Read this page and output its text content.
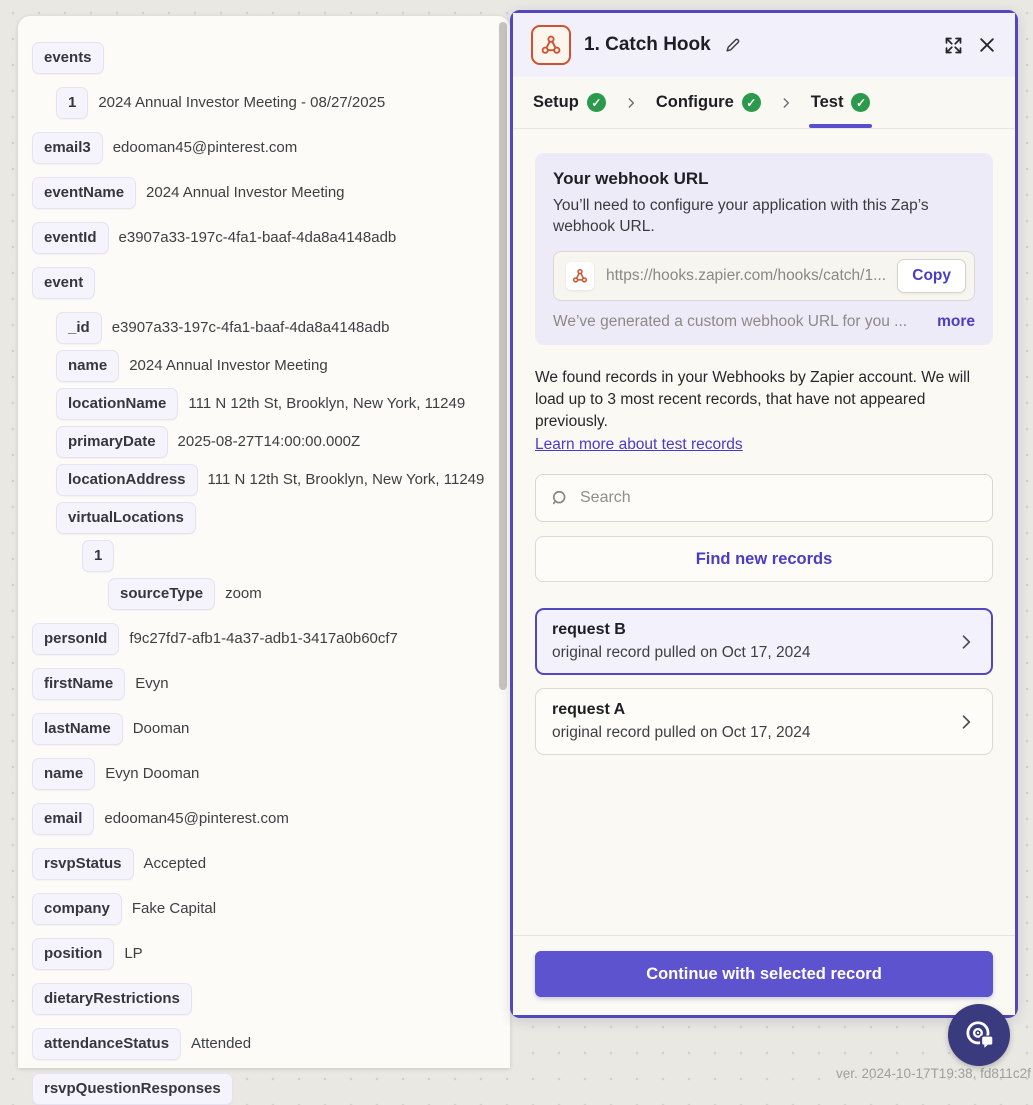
events
1	2024 Annual Investor Meeting - 08/27/2025
email3	edooman45@pinterest.com
eventName	2024 Annual Investor Meeting
eventId	e3907a33-197c-4fa1-baaf-4da8a4148adb
event
_id	e3907a33-197c-4fa1-baaf-4da8a4148adb
name	2024 Annual Investor Meeting
locationName	111 N 12th St, Brooklyn, New York, 11249
primaryDate	2025-08-27T14:00:00.000Z
locationAddress	111 N 12th St, Brooklyn, New York, 11249
virtualLocations
1
sourceType	zoom
personId	f9c27fd7-afb1-4a37-adb1-3417a0b60cf7
firstName	Evyn
lastName	Dooman
name	Evyn Dooman
email	edooman45@pinterest.com
rsvpStatus	Accepted
company	Fake Capital
position	LP
dietaryRestrictions
attendanceStatus	Attended
rsvpQuestionResponses
1. Catch Hook
Setup	✓	Configure	✓	Test	✓
Your webhook URL

You’ll need to configure your application with this Zap’s webhook URL.

https://hooks.zapier.com/hooks/catch/1...	Copy
We’ve generated a custom webhook URL for you ...	more
We found records in your Webhooks by Zapier account. We will load up to 3 most recent records, that have not appeared previously.
Learn more about test records
Search
Find new records
request B
original record pulled on Oct 17, 2024
request A
original record pulled on Oct 17, 2024
Continue with selected record
ver. 2024-10-17T19:38. fd811c2f
